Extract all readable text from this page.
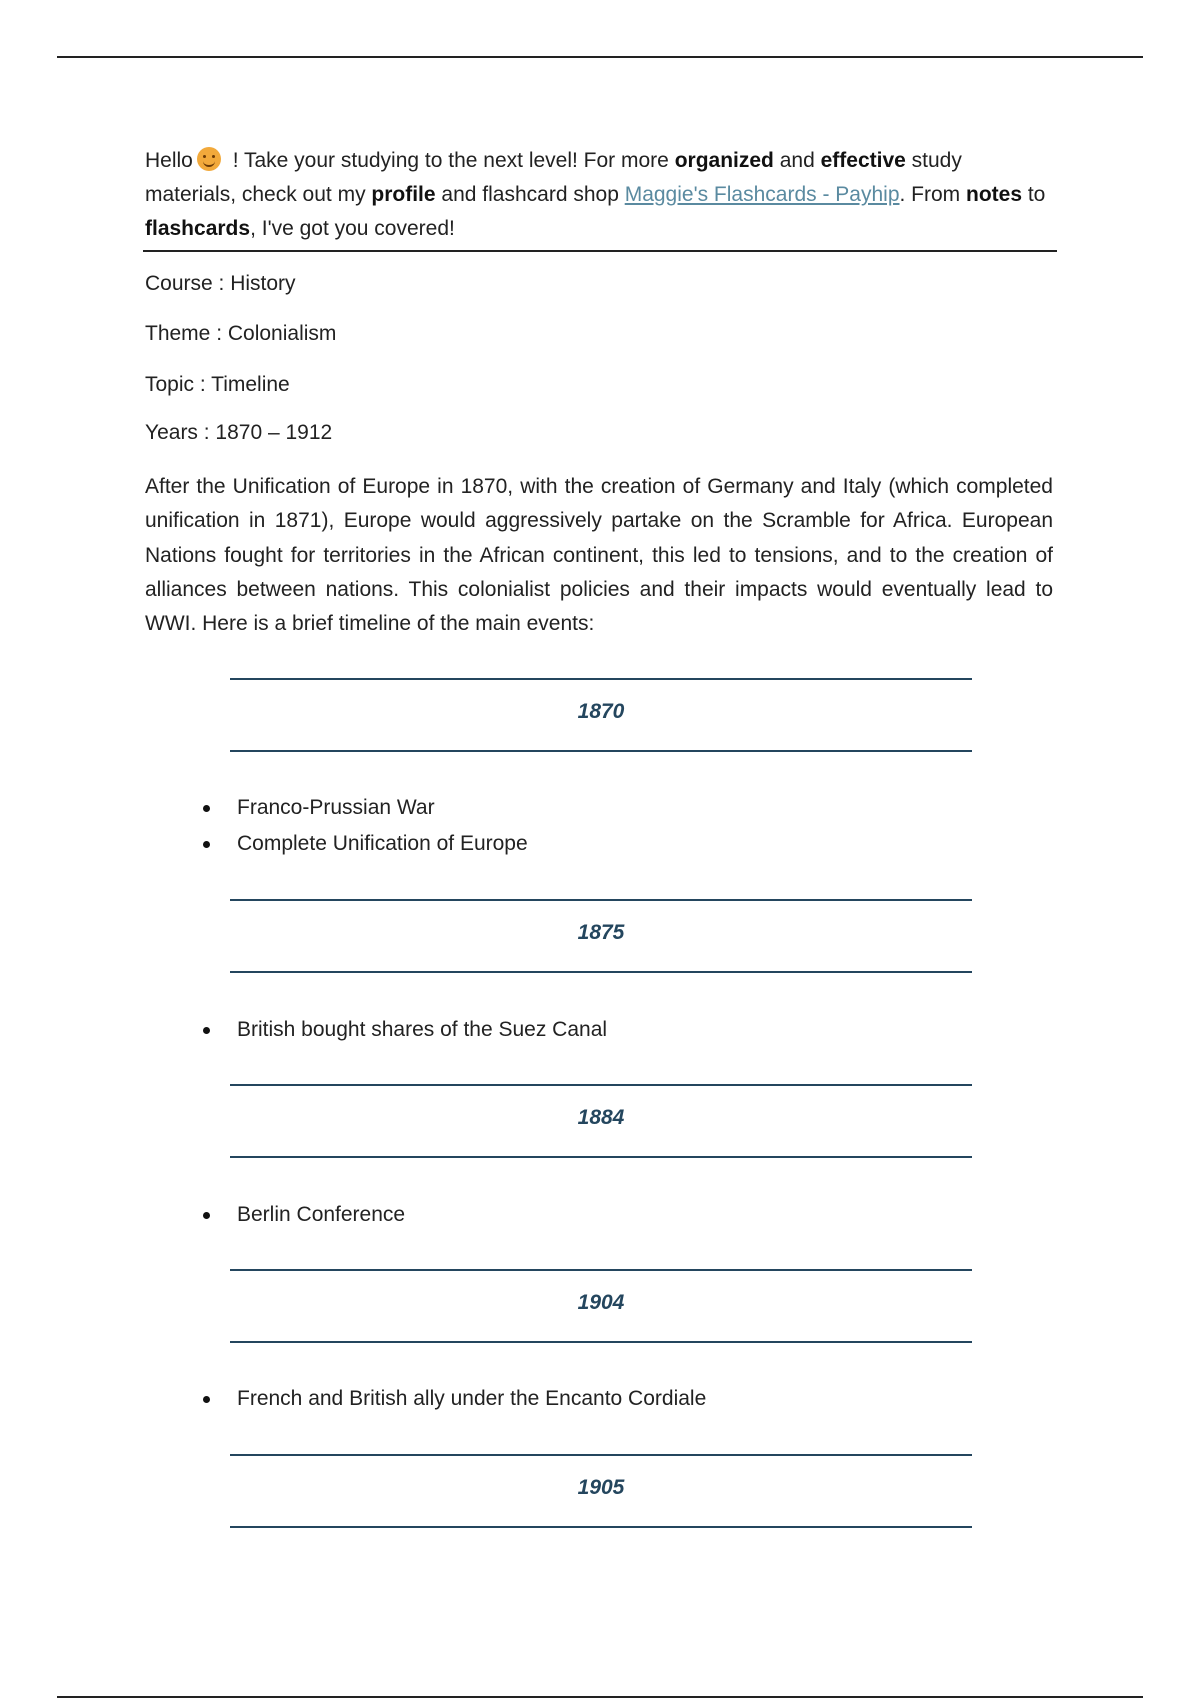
Hello ! Take your studying to the next level! For more organized and effective study materials, check out my profile and flashcard shop Maggie's Flashcards - Payhip. From notes to flashcards, I've got you covered!

Course : History

Theme : Colonialism

Topic : Timeline

Years : 1870 – 1912

After the Unification of Europe in 1870, with the creation of Germany and Italy (which completed unification in 1871), Europe would aggressively partake on the Scramble for Africa. European Nations fought for territories in the African continent, this led to tensions, and to the creation of alliances between nations. This colonialist policies and their impacts would eventually lead to WWI. Here is a brief timeline of the main events:

1870
Franco-Prussian War
Complete Unification of Europe
1875
British bought shares of the Suez Canal
1884
Berlin Conference
1904
French and British ally under the Encanto Cordiale
1905
